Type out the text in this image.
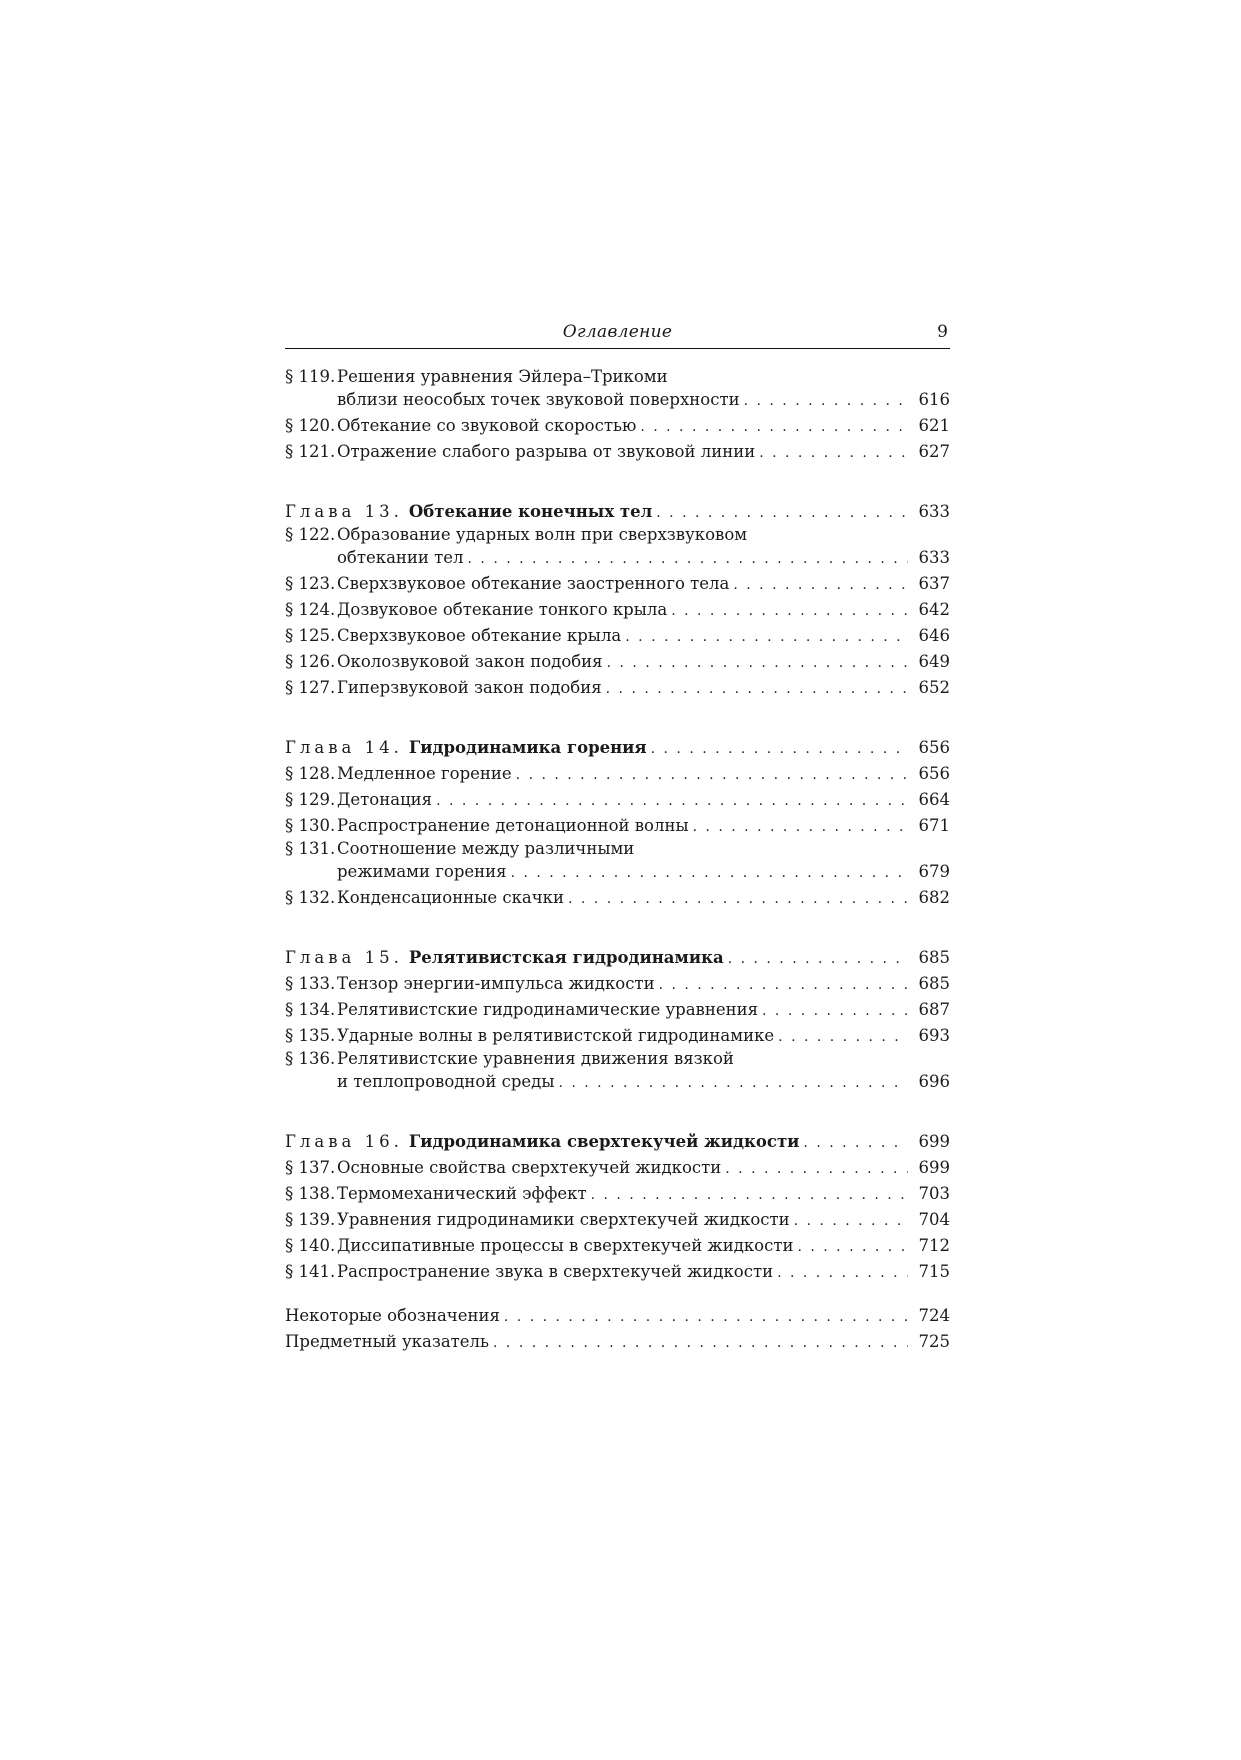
Оглавление	9
§ 119. Решения уравнения Эйлера–Трикоми
вблизи неособых точек звуковой поверхности . . .	616
§ 120. Обтекание со звуковой скоростью . . .	621
§ 121. Отражение слабого разрыва от звуковой линии . . .	627
Глава 13. Обтекание конечных тел . . .	633
§ 122. Образование ударных волн при сверхзвуковом
обтекании тел . . .	633
§ 123. Сверхзвуковое обтекание заостренного тела . . .	637
§ 124. Дозвуковое обтекание тонкого крыла . . .	642
§ 125. Сверхзвуковое обтекание крыла . . .	646
§ 126. Околозвуковой закон подобия . . .	649
§ 127. Гиперзвуковой закон подобия . . .	652
Глава 14. Гидродинамика горения . . .	656
§ 128. Медленное горение . . .	656
§ 129. Детонация . . .	664
§ 130. Распространение детонационной волны . . .	671
§ 131. Соотношение между различными
режимами горения . . .	679
§ 132. Конденсационные скачки . . .	682
Глава 15. Релятивистская гидродинамика . . .	685
§ 133. Тензор энергии-импульса жидкости . . .	685
§ 134. Релятивистские гидродинамические уравнения . . .	687
§ 135. Ударные волны в релятивистской гидродинамике . . .	693
§ 136. Релятивистские уравнения движения вязкой
и теплопроводной среды . . .	696
Глава 16. Гидродинамика сверхтекучей жидкости . . .	699
§ 137. Основные свойства сверхтекучей жидкости . . .	699
§ 138. Термомеханический эффект . . .	703
§ 139. Уравнения гидродинамики сверхтекучей жидкости . . .	704
§ 140. Диссипативные процессы в сверхтекучей жидкости . . .	712
§ 141. Распространение звука в сверхтекучей жидкости . . .	715
Некоторые обозначения . . .	724
Предметный указатель . . .	725
